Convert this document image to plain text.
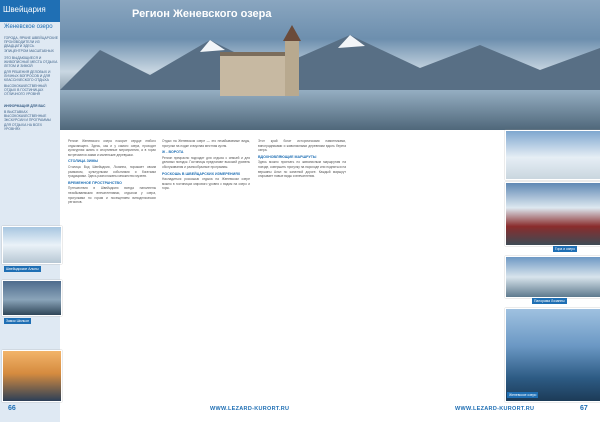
Швейцария
Женевское озеро
ГОРОДА, ЯРКИЕ ШВЕЙЦАРСКИЕ ПРОИЗВОДИТЕЛИ ИЗ ДВАДЦАТИ ЗДЕСЬ ЭПИЦЕНТРОМ МАСШТАБНЫХ
ЭТО ВЫДАЮЩИЕСЯ И ЖИВОПИСНЫЕ МЕСТА ОТДЫХА ЛЕТОМ И ЗИМОЙ
ДЛЯ РЕШЕНИЯ ДЕЛОВЫХ И ЛИЧНЫХ ВОПРОСОВ И ДЛЯ КЛАССИЧЕСКОГО ОТДЫХА
ВЫСОКОКАЧЕСТВЕННЫЙ ОТДЫХ В ГОСТИНИЦАХ ОТЛИЧНОГО УРОВНЯ
ИНФОРМАЦИЯ ДЛЯ ВАС
В ВЫСТАВКАХ ВЫСОКОКАЧЕСТВЕННЫЕ ЭКСКУРСИИ И ПРОГРАММЫ ДЛЯ ОТДЫХА НА ВСЕХ УРОВНЯХ
Швейцарские Альпы
Замок Шильон
Регион Женевского озера
Гора и озеро
Панорама Лозанны
Женевское озеро
Регион Женевского озера покорит сердце любого отдыхающего. Здесь, как и у самого озера, проходит культурная жизнь и спортивные мероприятия, а в горах встречаются замки и маленькие деревушки.
СТОЛИЦА ЗИМЫ
Столица Вод Швейцарии, Лозанна, поражает своим размахом, культурными событиями и богатыми традициями. Здесь расположены множество музеев.
ВРЕМЕННОЕ ПРОСТРАНСТВО
Путешествия в Швейцарию всегда наполнены незабываемыми впечатлениями, отдыхом у озера, прогулками по горам и посещением винодельческих регионов.
Отдых на Женевском озере — это незабываемые виды, прогулки на лодке и вкусная местная кухня.
Ж - ВОРОТА
Регион прекрасно подходит для отдыха с семьей и для деловых поездок. Гостиницы предлагают высокий уровень обслуживания и разнообразные программы.
РОСКОШЬ В ШВЕЙЦАРСКИХ ИЗМЕРЕНИЯХ
Насладиться роскошью отдыха на Женевском озере можно в гостиницах мирового уровня с видом на озеро и горы.
Этот край богат историческими памятниками, виноградниками и живописными деревнями вдоль берега озера.
ВДОХНОВЛЯЮЩИЕ МАРШРУТЫ
Здесь можно проехать по живописным маршрутам на поезде, совершить прогулку на пароходе или подняться на вершины Альп по канатной дороге. Каждый маршрут открывает новые виды и впечатления.
66	WWW.LEZARD-KURORT.RU	WWW.LEZARD-KURORT.RU	67
